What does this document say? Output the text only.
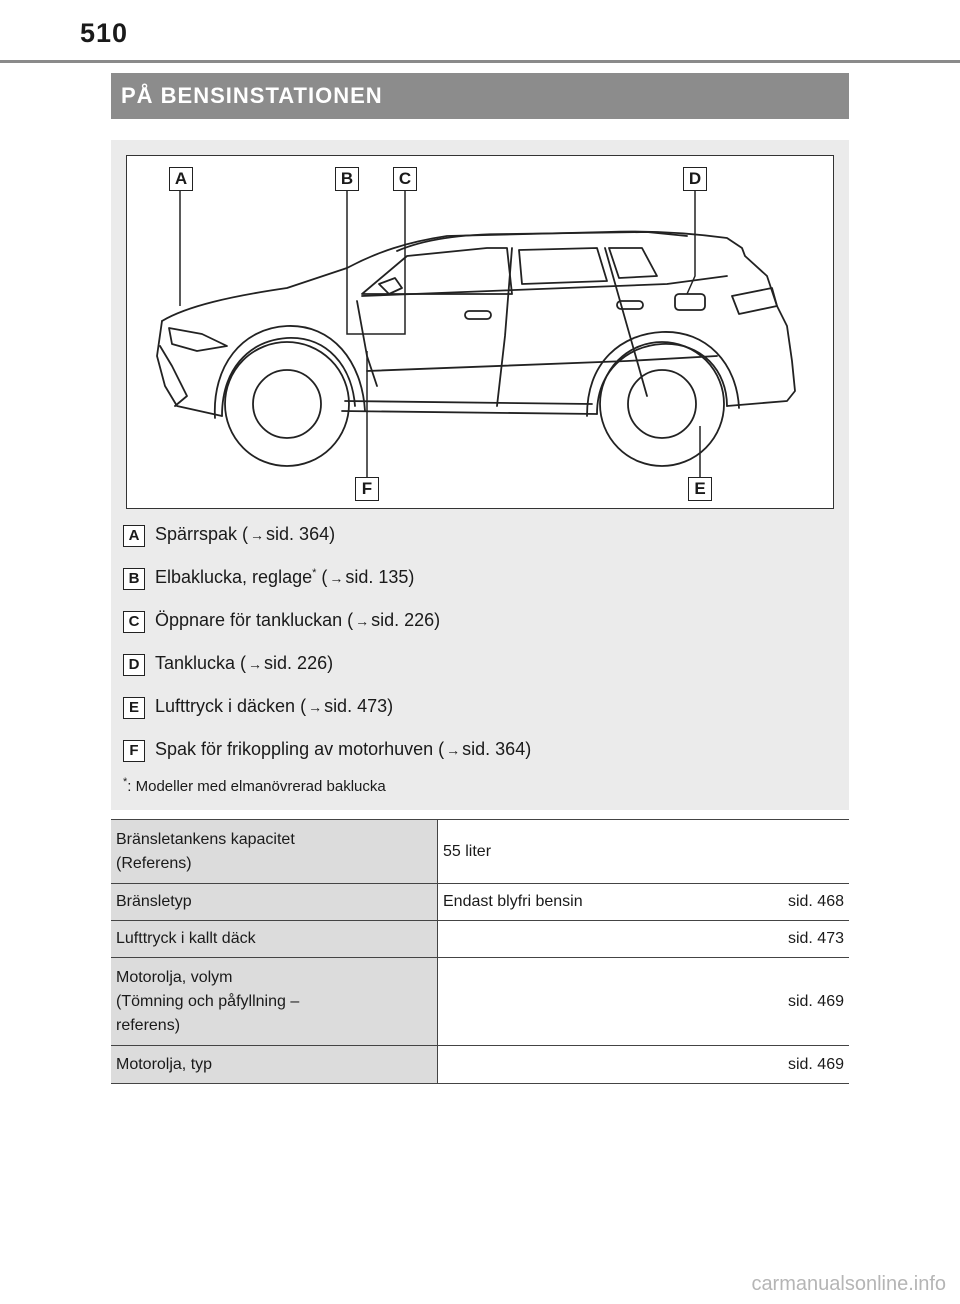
510
PÅ BENSINSTATIONEN
A	B	C	D
E
F
A Spärrspak ( → sid. 364)
B Elbaklucka, reglage* ( → sid. 135)
C Öppnare för tankluckan ( → sid. 226)
D Tanklucka ( → sid. 226)
E Lufttryck i däcken ( → sid. 473)
F Spak för frikoppling av motorhuven ( → sid. 364)
*: Modeller med elmanövrerad baklucka
Bränsletankens kapacitet
(Referens)	55 liter
Bränsletyp	Endast blyfri bensin sid. 468

Lufttryck i kallt däck	sid. 473

Motorolja, volym
(Tömning och påfyllning –
referens)	sid. 469

Motorolja, typ	sid. 469
carmanualsonline.info
